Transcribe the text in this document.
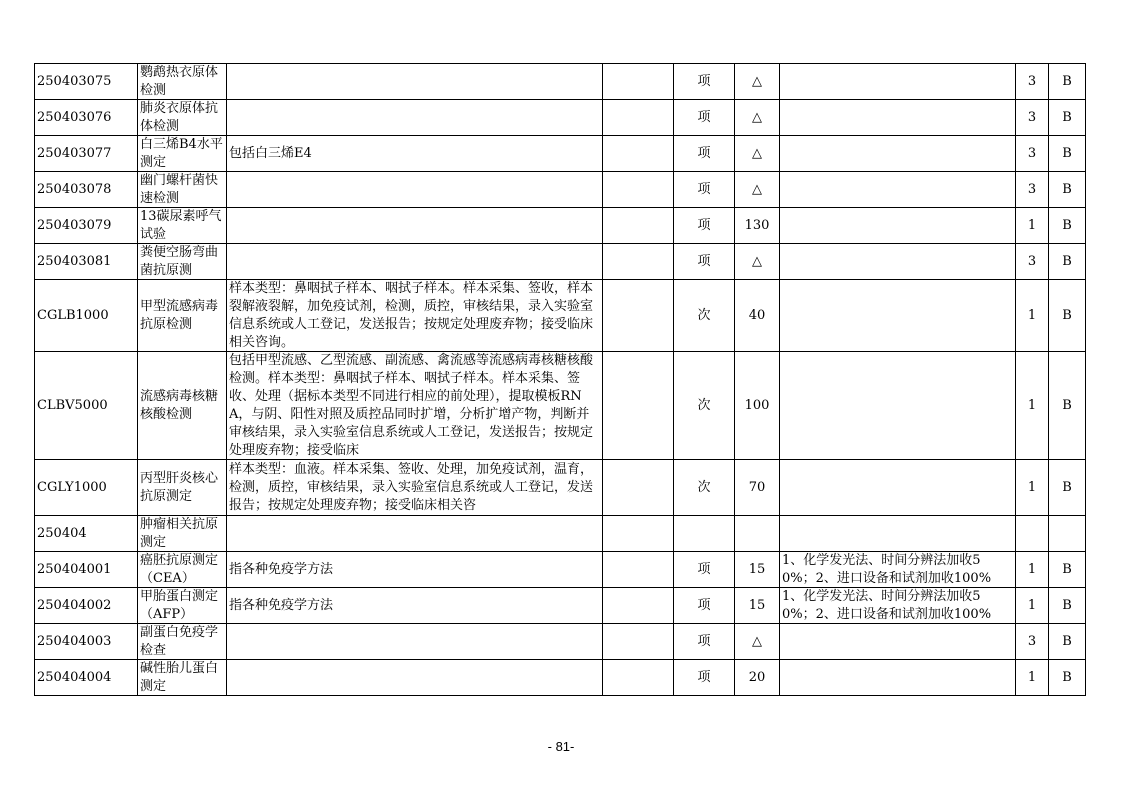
250403075	鹦鹉热衣原体检测			项	△		3	B

250403076	肺炎衣原体抗体检测			项	△		3	B

250403077	白三烯B4水平测定	包括白三烯E4		项	△		3	B

250403078	幽门螺杆菌快速检测			项	△		3	B

250403079	13碳尿素呼气试验			项	130		1	B

250403081	粪便空肠弯曲菌抗原测			项	△		3	B

CGLB1000	甲型流感病毒抗原检测	样本类型：鼻咽拭子样本、咽拭子样本。样本采集、签收，样本裂解液裂解，加免疫试剂，检测，质控，审核结果，录入实验室信息系统或人工登记，发送报告；按规定处理废弃物；接受临床相关咨询。		次	40		1	B

CLBV5000	流感病毒核糖核酸检测	包括甲型流感、乙型流感、副流感、禽流感等流感病毒核糖核酸检测。样本类型：鼻咽拭子样本、咽拭子样本。样本采集、签收、处理（据标本类型不同进行相应的前处理），提取模板RNA，与阴、阳性对照及质控品同时扩增，分析扩增产物，判断并审核结果，录入实验室信息系统或人工登记，发送报告；按规定处理废弃物；接受临床		次	100		1	B

CGLY1000	丙型肝炎核心抗原测定	样本类型：血液。样本采集、签收、处理，加免疫试剂，温育，检测，质控，审核结果，录入实验室信息系统或人工登记，发送报告；按规定处理废弃物；接受临床相关咨		次	70		1	B

250404	肿瘤相关抗原测定							

250404001	癌胚抗原测定（CEA）	指各种免疫学方法		项	15	1、化学发光法、时间分辨法加收50%；2、进口设备和试剂加收100%	1	B

250404002	甲胎蛋白测定（AFP）	指各种免疫学方法		项	15	1、化学发光法、时间分辨法加收50%；2、进口设备和试剂加收100%	1	B

250404003	副蛋白免疫学检查			项	△		3	B

250404004	碱性胎儿蛋白测定			项	20		1	B
- 81-
